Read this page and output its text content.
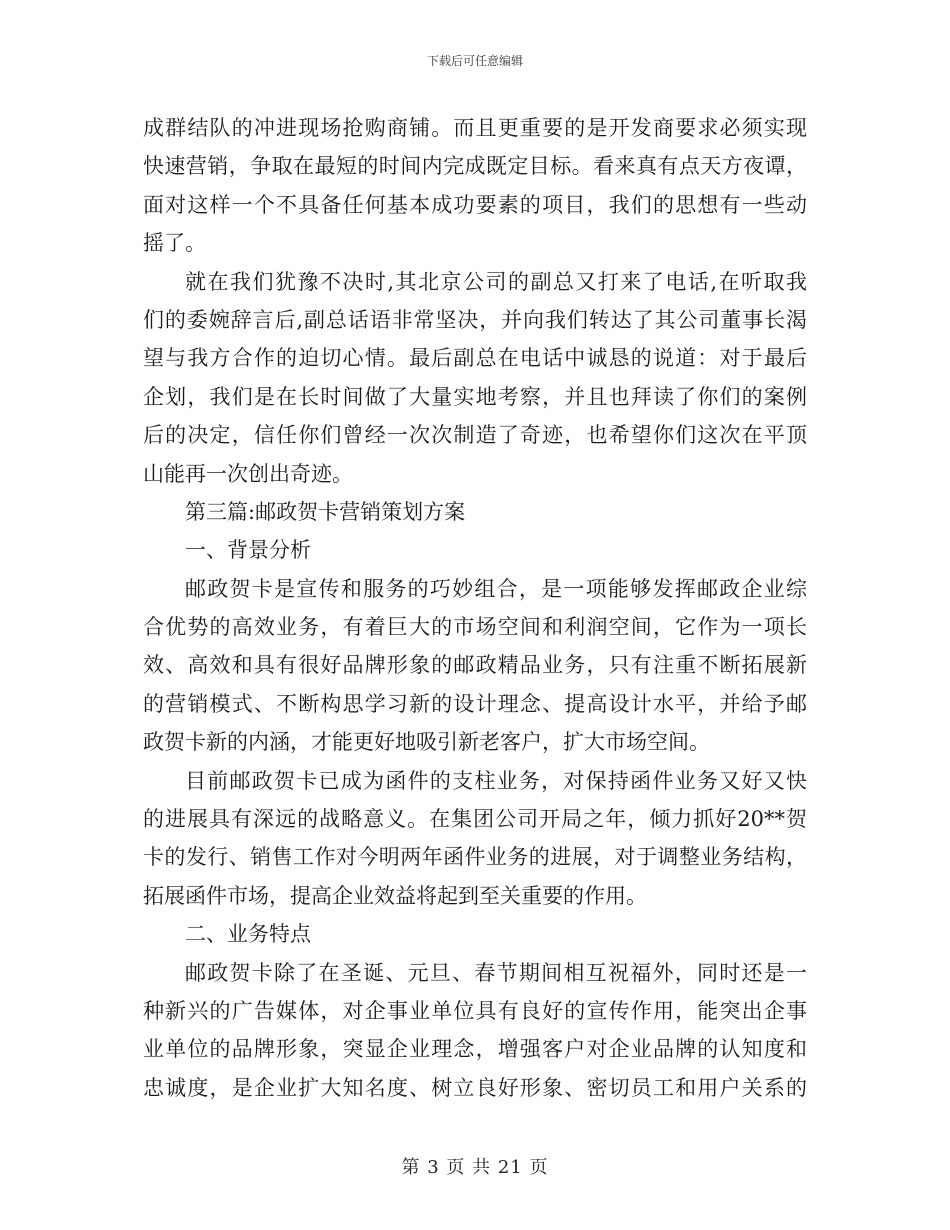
下载后可任意编辑
成群结队的冲进现场抢购商铺。而且更重要的是开发商要求必须实现
快速营销，争取在最短的时间内完成既定目标。看来真有点天方夜谭，
面对这样一个不具备任何基本成功要素的项目，我们的思想有一些动
摇了。
就在我们犹豫不决时,其北京公司的副总又打来了电话,在听取我
们的委婉辞言后,副总话语非常坚决，并向我们转达了其公司董事长渴
望与我方合作的迫切心情。最后副总在电话中诚恳的说道：对于最后
企划，我们是在长时间做了大量实地考察，并且也拜读了你们的案例
后的决定，信任你们曾经一次次制造了奇迹，也希望你们这次在平顶
山能再一次创出奇迹。
第三篇:邮政贺卡营销策划方案
一、背景分析
邮政贺卡是宣传和服务的巧妙组合，是一项能够发挥邮政企业综
合优势的高效业务，有着巨大的市场空间和利润空间，它作为一项长
效、高效和具有很好品牌形象的邮政精品业务，只有注重不断拓展新
的营销模式、不断构思学习新的设计理念、提高设计水平，并给予邮
政贺卡新的内涵，才能更好地吸引新老客户，扩大市场空间。
目前邮政贺卡已成为函件的支柱业务，对保持函件业务又好又快
的进展具有深远的战略意义。在集团公司开局之年，倾力抓好20**贺
卡的发行、销售工作对今明两年函件业务的进展，对于调整业务结构，
拓展函件市场，提高企业效益将起到至关重要的作用。
二、业务特点
邮政贺卡除了在圣诞、元旦、春节期间相互祝福外，同时还是一
种新兴的广告媒体，对企事业单位具有良好的宣传作用，能突出企事
业单位的品牌形象，突显企业理念，增强客户对企业品牌的认知度和
忠诚度，是企业扩大知名度、树立良好形象、密切员工和用户关系的
第 3 页 共 21 页
